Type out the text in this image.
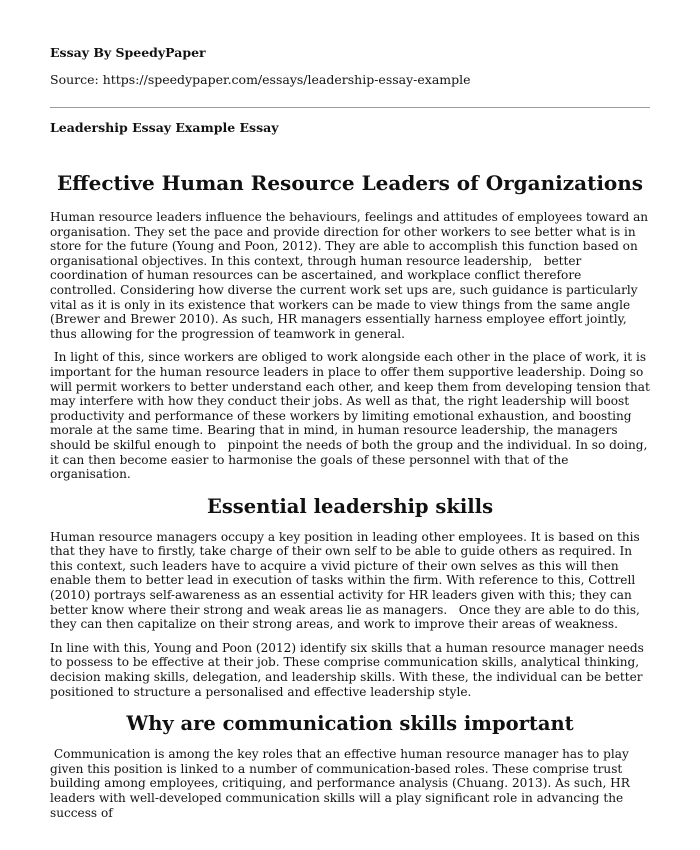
Essay By SpeedyPaper
Source: https://speedypaper.com/essays/leadership-essay-example
Leadership Essay Example Essay
Effective Human Resource Leaders of Organizations

Human resource leaders influence the behaviours, feelings and attitudes of employees toward an organisation. They set the pace and provide direction for other workers to see better what is in store for the future (Young and Poon, 2012). They are able to accomplish this function based on organisational objectives. In this context, through human resource leadership,   better coordination of human resources can be ascertained, and workplace conflict therefore controlled. Considering how diverse the current work set ups are, such guidance is particularly vital as it is only in its existence that workers can be made to view things from the same angle (Brewer and Brewer 2010). As such, HR managers essentially harness employee effort jointly, thus allowing for the progression of teamwork in general.

In light of this, since workers are obliged to work alongside each other in the place of work, it is important for the human resource leaders in place to offer them supportive leadership. Doing so will permit workers to better understand each other, and keep them from developing tension that may interfere with how they conduct their jobs. As well as that, the right leadership will boost productivity and performance of these workers by limiting emotional exhaustion, and boosting morale at the same time. Bearing that in mind, in human resource leadership, the managers should be skilful enough to   pinpoint the needs of both the group and the individual. In so doing, it can then become easier to harmonise the goals of these personnel with that of the organisation.

Essential leadership skills

Human resource managers occupy a key position in leading other employees. It is based on this that they have to firstly, take charge of their own self to be able to guide others as required. In this context, such leaders have to acquire a vivid picture of their own selves as this will then enable them to better lead in execution of tasks within the firm. With reference to this, Cottrell (2010) portrays self-awareness as an essential activity for HR leaders given with this; they can better know where their strong and weak areas lie as managers.   Once they are able to do this, they can then capitalize on their strong areas, and work to improve their areas of weakness.

In line with this, Young and Poon (2012) identify six skills that a human resource manager needs to possess to be effective at their job. These comprise communication skills, analytical thinking, decision making skills, delegation, and leadership skills. With these, the individual can be better positioned to structure a personalised and effective leadership style.

Why are communication skills important

Communication is among the key roles that an effective human resource manager has to play given this position is linked to a number of communication-based roles. These comprise trust building among employees, critiquing, and performance analysis (Chuang. 2013). As such, HR leaders with well-developed communication skills will a play significant role in advancing the success of
